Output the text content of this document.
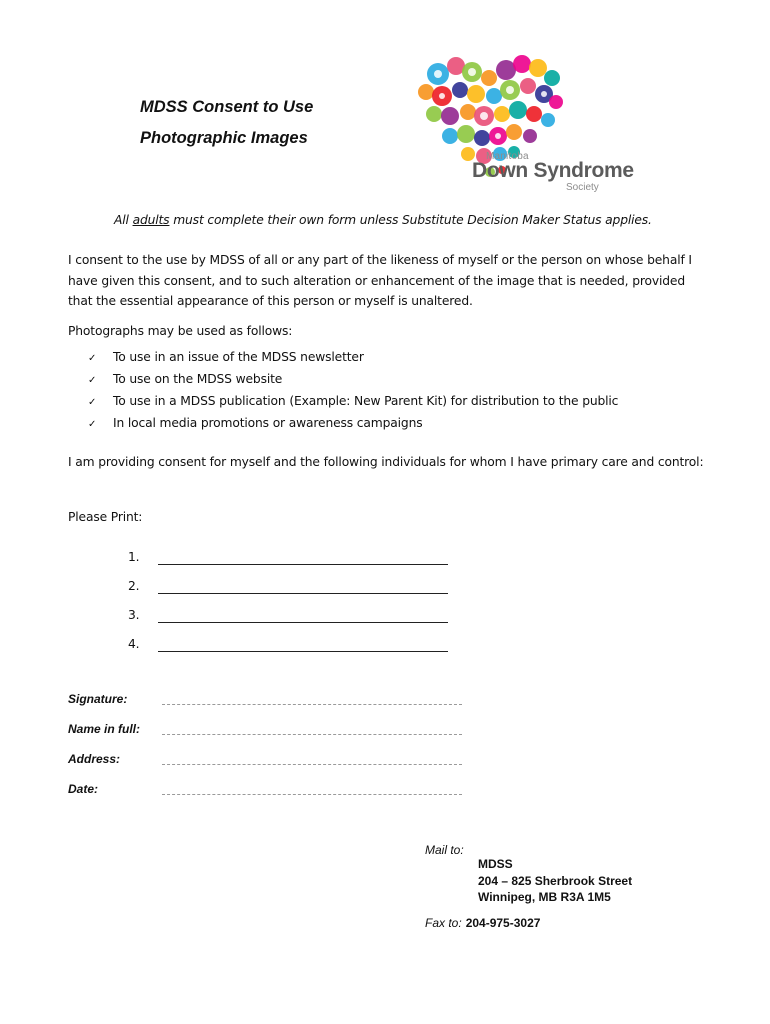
MDSS Consent to Use
Photographic Images
Manitoba
Down Syndrome
Society
All adults must complete their own form unless Substitute Decision Maker Status applies.

I consent to the use by MDSS of all or any part of the likeness of myself or the person on whose behalf I have given this consent, and to such alteration or enhancement of the image that is needed, provided that the essential appearance of this person or myself is unaltered.

Photographs may be used as follows:
✓ To use in an issue of the MDSS newsletter
✓ To use on the MDSS website
✓ To use in a MDSS publication (Example: New Parent Kit) for distribution to the public
✓ In local media promotions or awareness campaigns

I am providing consent for myself and the following individuals for whom I have primary care and control:

Please Print:
1.
2.
3.
4.
Signature:
Name in full:
Address:
Date:
Mail to:
MDSS
204 – 825 Sherbrook Street
Winnipeg, MB R3A 1M5
Fax to: 204-975-3027
